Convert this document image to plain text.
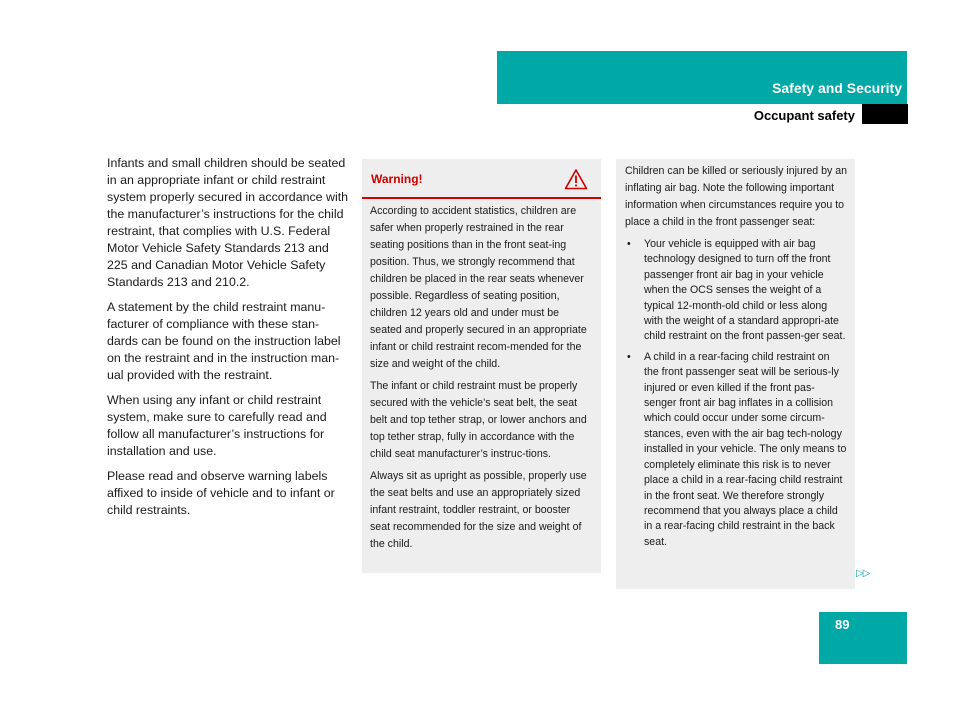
Safety and Security
Occupant safety

Infants and small children should be seated in an appropriate infant or child restraint system properly secured in accordance with the manufacturer’s instructions for the child restraint, that complies with U.S. Federal Motor Vehicle Safety Standards 213 and 225 and Canadian Motor Vehicle Safety Standards 213 and 210.2.

A statement by the child restraint manu-facturer of compliance with these stan-dards can be found on the instruction label on the restraint and in the instruction man-ual provided with the restraint.

When using any infant or child restraint system, make sure to carefully read and follow all manufacturer’s instructions for installation and use.

Please read and observe warning labels affixed to inside of vehicle and to infant or child restraints.

Warning!

According to accident statistics, children are safer when properly restrained in the rear seating positions than in the front seat-ing position. Thus, we strongly recommend that children be placed in the rear seats whenever possible. Regardless of seating position, children 12 years old and under must be seated and properly secured in an appropriate infant or child restraint recom-mended for the size and weight of the child.

The infant or child restraint must be properly secured with the vehicle’s seat belt, the seat belt and top tether strap, or lower anchors and top tether strap, fully in accordance with the child seat manufacturer’s instruc-tions.

Always sit as upright as possible, properly use the seat belts and use an appropriately sized infant restraint, toddler restraint, or booster seat recommended for the size and weight of the child.

Children can be killed or seriously injured by an inflating air bag. Note the following important information when circumstances require you to place a child in the front passenger seat:

• Your vehicle is equipped with air bag technology designed to turn off the front passenger front air bag in your vehicle when the OCS senses the weight of a typical 12-month-old child or less along with the weight of a standard appropri-ate child restraint on the front passen-ger seat.
• A child in a rear-facing child restraint on the front passenger seat will be serious-ly injured or even killed if the front pas-senger front air bag inflates in a collision which could occur under some circum-stances, even with the air bag tech-nology installed in your vehicle. The only means to completely eliminate this risk is to never place a child in a rear-facing child restraint in the front seat. We therefore strongly recommend that you always place a child in a rear-facing child restraint in the back seat.
▷▷
89
